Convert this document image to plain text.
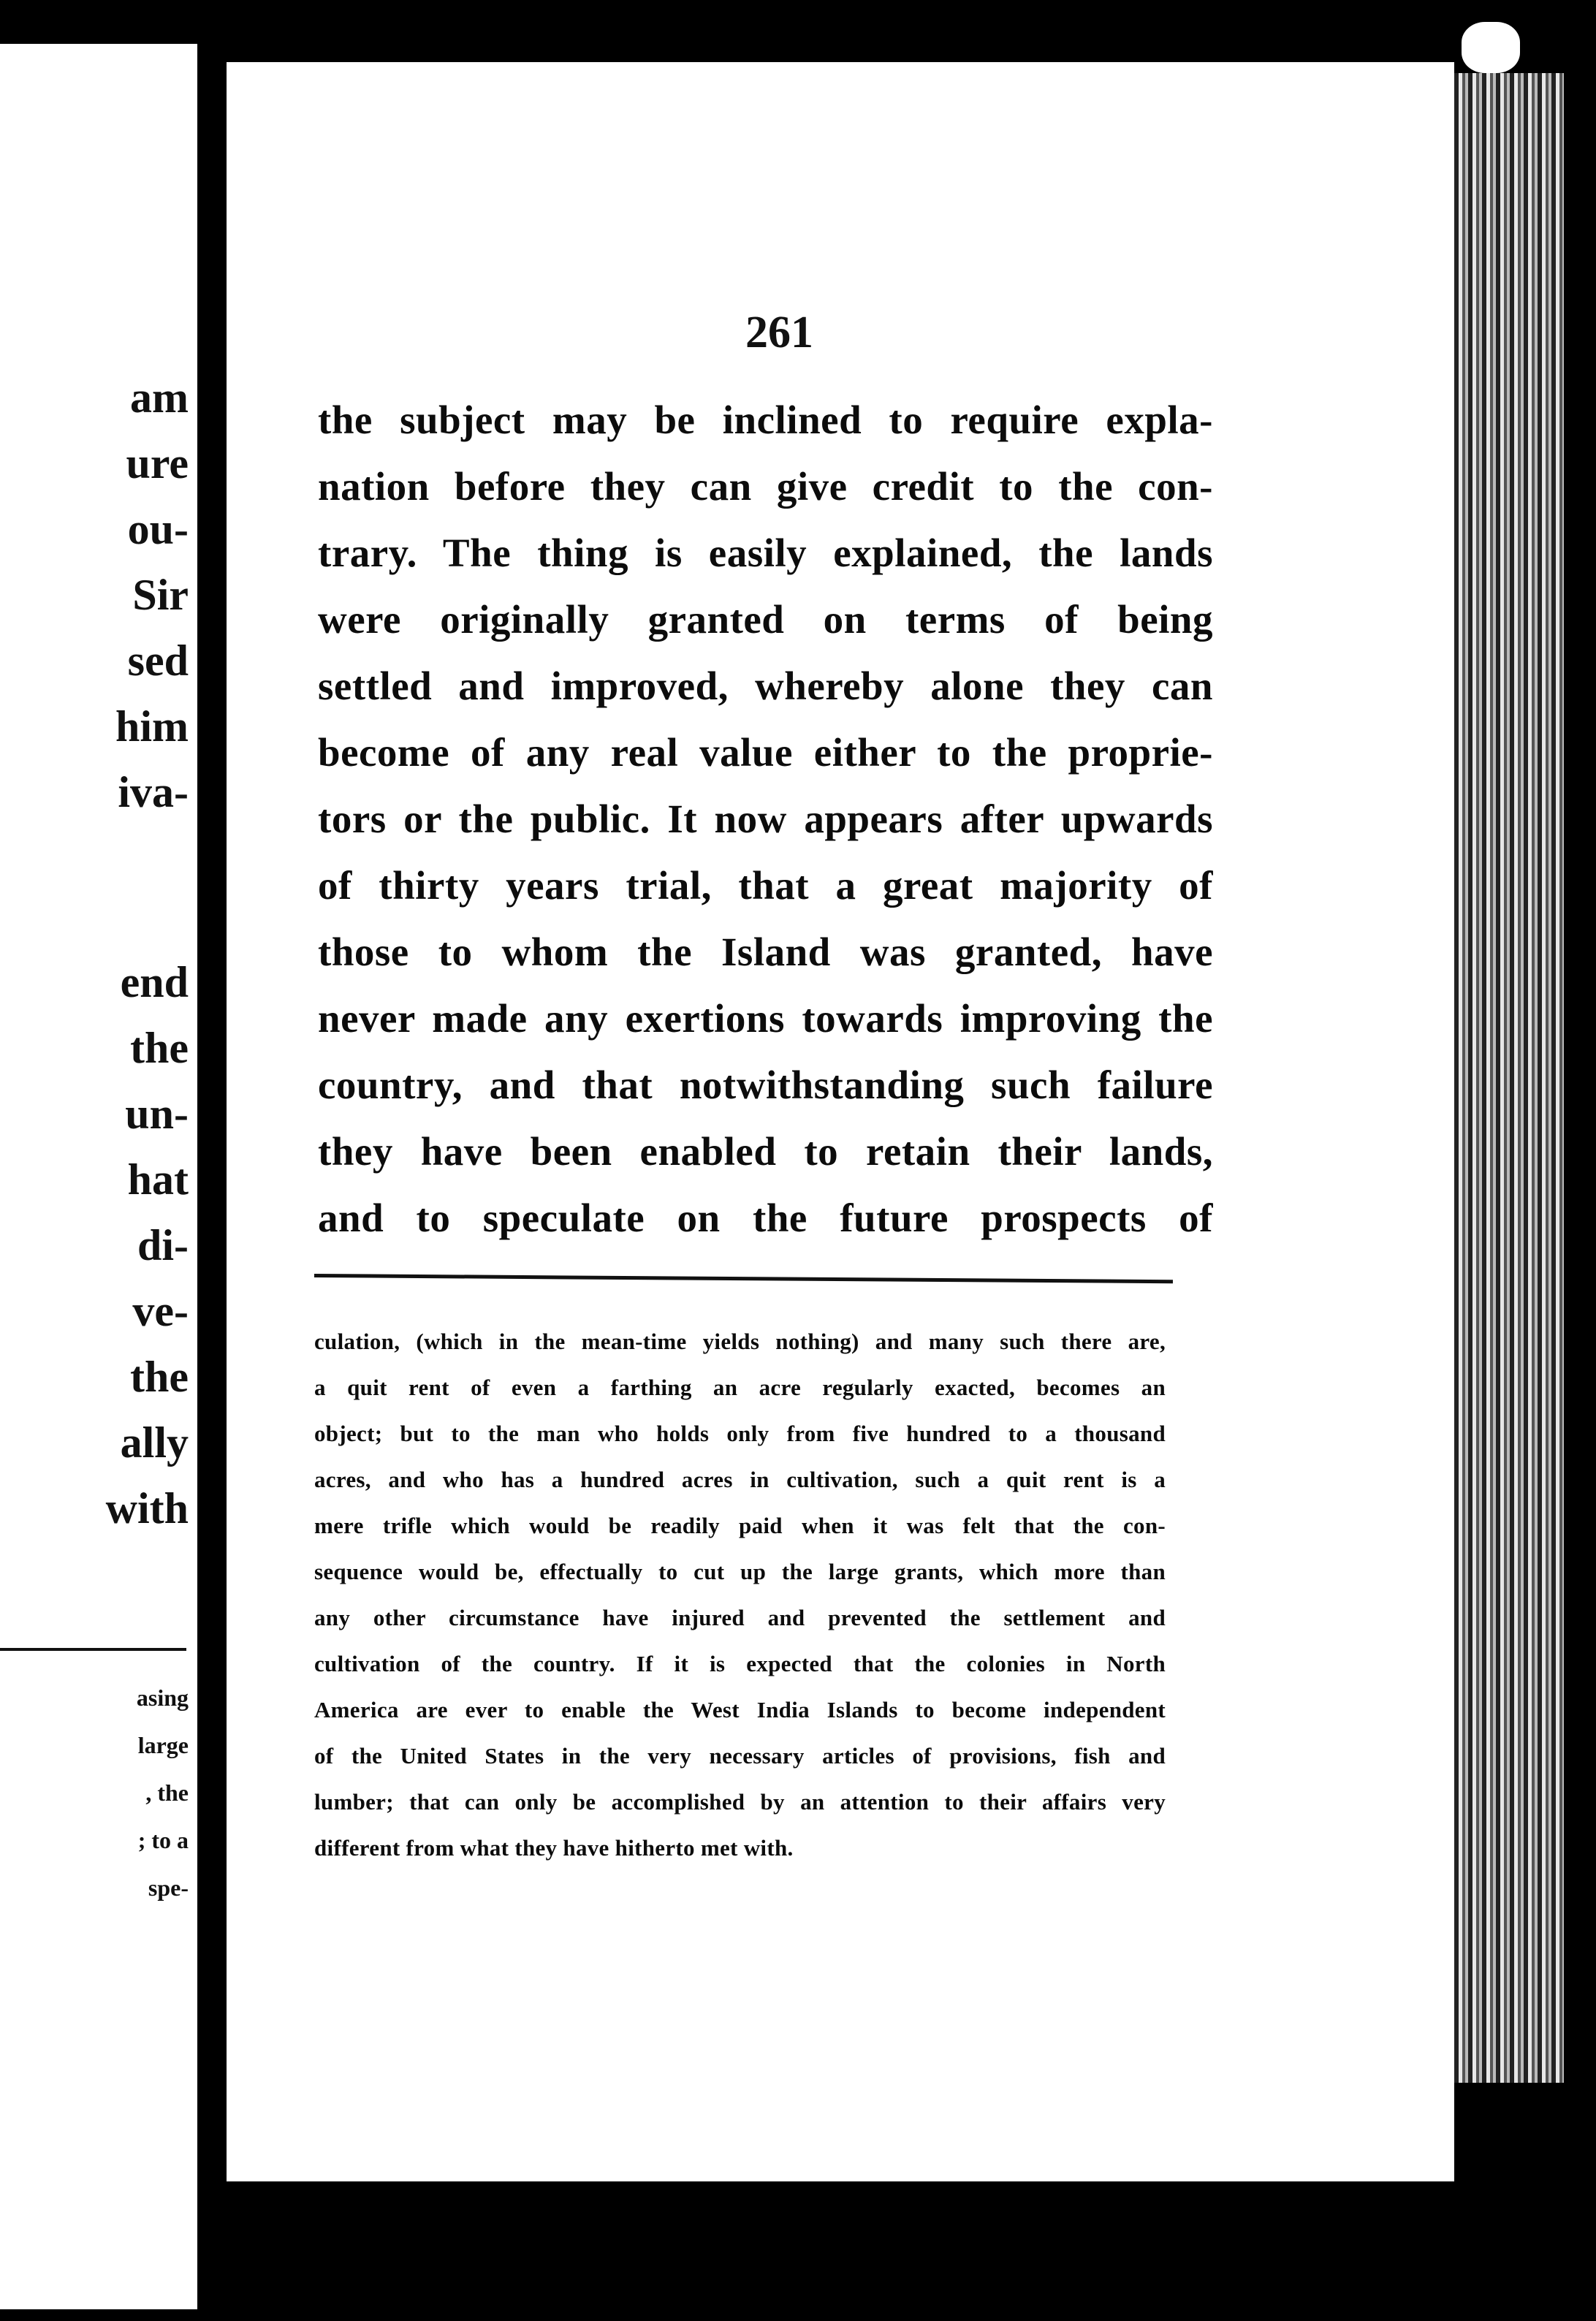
am
ure
ou-
Sir
sed
him
iva-
end
the
un-
hat
di-
ve-
the
ally
with
asing
large
, the
; to a
spe-
261
the subject may be inclined to require expla-
nation before they can give credit to the con-
trary. The thing is easily explained, the lands
were originally granted on terms of being
settled and improved, whereby alone they can
become of any real value either to the proprie-
tors or the public. It now appears after upwards
of thirty years trial, that a great majority of
those to whom the Island was granted, have
never made any exertions towards improving the
country, and that notwithstanding such failure
they have been enabled to retain their lands,
and to speculate on the future prospects of
culation, (which in the mean-time yields nothing) and many such there are,
a quit rent of even a farthing an acre regularly exacted, becomes an
object; but to the man who holds only from five hundred to a thousand
acres, and who has a hundred acres in cultivation, such a quit rent is a
mere trifle which would be readily paid when it was felt that the con-
sequence would be, effectually to cut up the large grants, which more than
any other circumstance have injured and prevented the settlement and
cultivation of the country. If it is expected that the colonies in North
America are ever to enable the West India Islands to become independent
of the United States in the very necessary articles of provisions, fish and
lumber; that can only be accomplished by an attention to their affairs very
different from what they have hitherto met with.
